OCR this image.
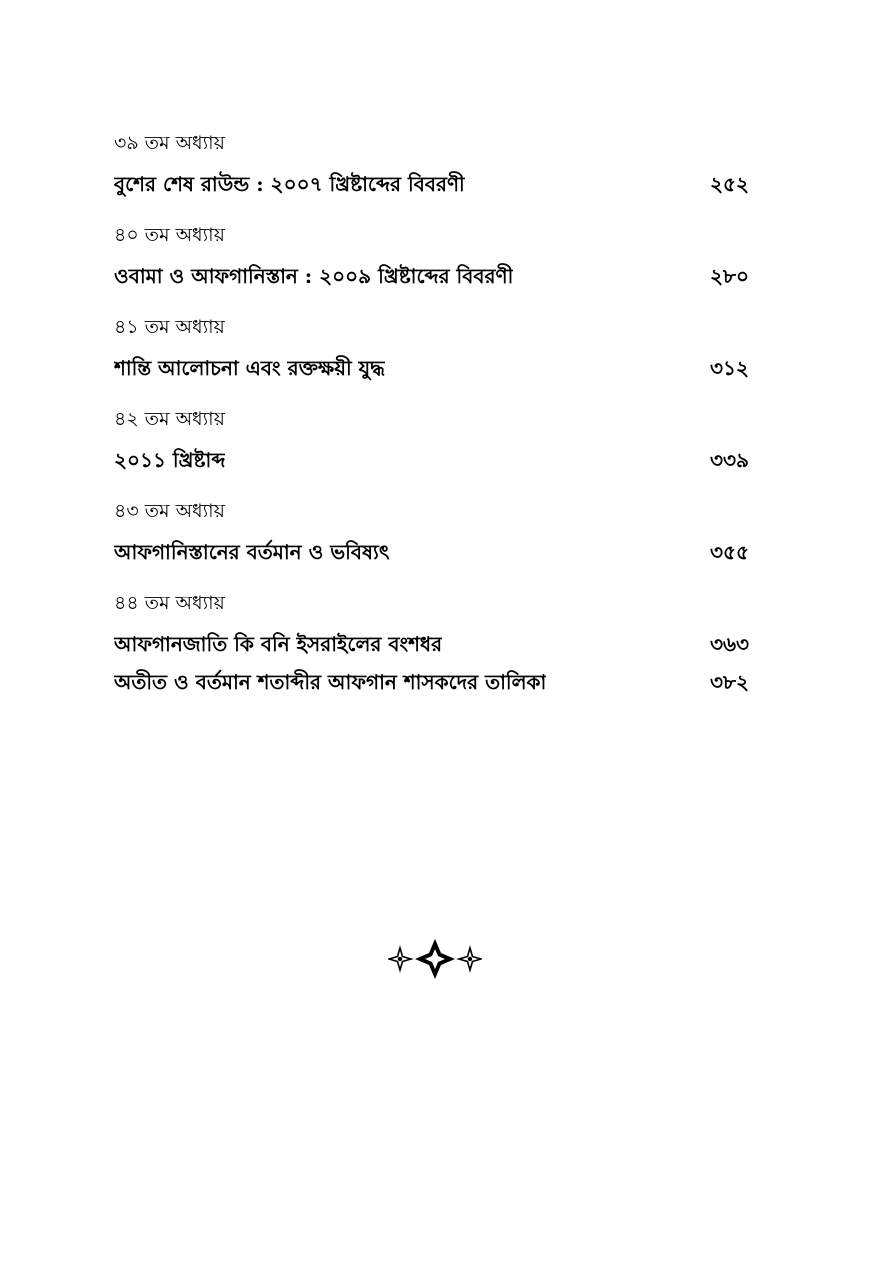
৩৯ তম অধ্যায়
বুশের শেষ রাউন্ড : ২০০৭ খ্রিষ্টাব্দের বিবরণী	২৫২
৪০ তম অধ্যায়
ওবামা ও আফগানিস্তান : ২০০৯ খ্রিষ্টাব্দের বিবরণী	২৮০
৪১ তম অধ্যায়
শান্তি আলোচনা এবং রক্তক্ষয়ী যুদ্ধ	৩১২
৪২ তম অধ্যায়
২০১১ খ্রিষ্টাব্দ	৩৩৯
৪৩ তম অধ্যায়
আফগানিস্তানের বর্তমান ও ভবিষ্যৎ	৩৫৫
৪৪ তম অধ্যায়
আফগানজাতি কি বনি ইসরাইলের বংশধর	৩৬৩
অতীত ও বর্তমান শতাব্দীর আফগান শাসকদের তালিকা	৩৮২
